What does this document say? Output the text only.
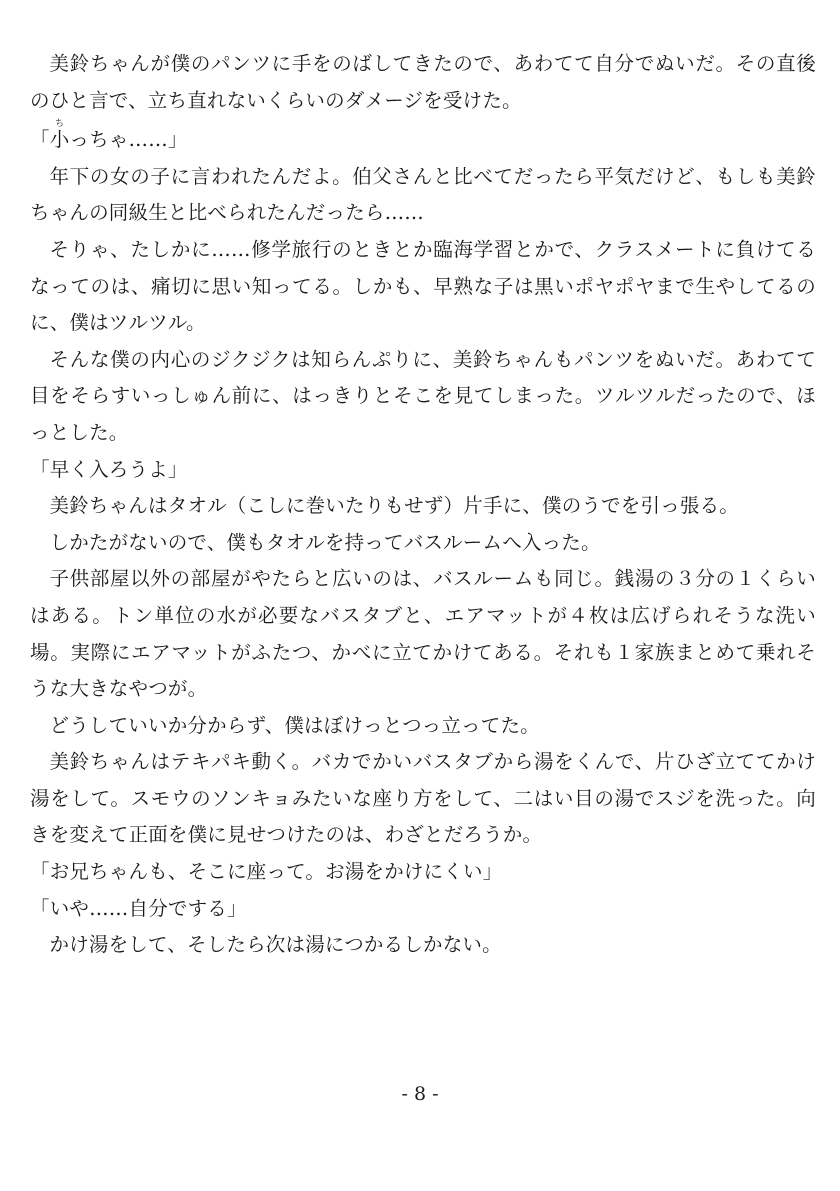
美鈴ちゃんが僕のパンツに手をのばしてきたので、あわてて自分でぬいだ。その直後のひと言で、立ち直れないくらいのダメージを受けた。

「小ちっちゃ……」

年下の女の子に言われたんだよ。伯父さんと比べてだったら平気だけど、もしも美鈴ちゃんの同級生と比べられたんだったら……

そりゃ、たしかに……修学旅行のときとか臨海学習とかで、クラスメートに負けてるなってのは、痛切に思い知ってる。しかも、早熟な子は黒いポヤポヤまで生やしてるのに、僕はツルツル。

そんな僕の内心のジクジクは知らんぷりに、美鈴ちゃんもパンツをぬいだ。あわてて目をそらすいっしゅん前に、はっきりとそこを見てしまった。ツルツルだったので、ほっとした。

「早く入ろうよ」

美鈴ちゃんはタオル（こしに巻いたりもせず）片手に、僕のうでを引っ張る。

しかたがないので、僕もタオルを持ってバスルームへ入った。

子供部屋以外の部屋がやたらと広いのは、バスルームも同じ。銭湯の３分の１くらいはある。トン単位の水が必要なバスタブと、エアマットが４枚は広げられそうな洗い場。実際にエアマットがふたつ、かべに立てかけてある。それも１家族まとめて乗れそうな大きなやつが。

どうしていいか分からず、僕はぼけっとつっ立ってた。

美鈴ちゃんはテキパキ動く。バカでかいバスタブから湯をくんで、片ひざ立ててかけ湯をして。スモウのソンキョみたいな座り方をして、二はい目の湯でスジを洗った。向きを変えて正面を僕に見せつけたのは、わざとだろうか。

「お兄ちゃんも、そこに座って。お湯をかけにくい」

「いや……自分でする」

かけ湯をして、そしたら次は湯につかるしかない。

- 8 -
